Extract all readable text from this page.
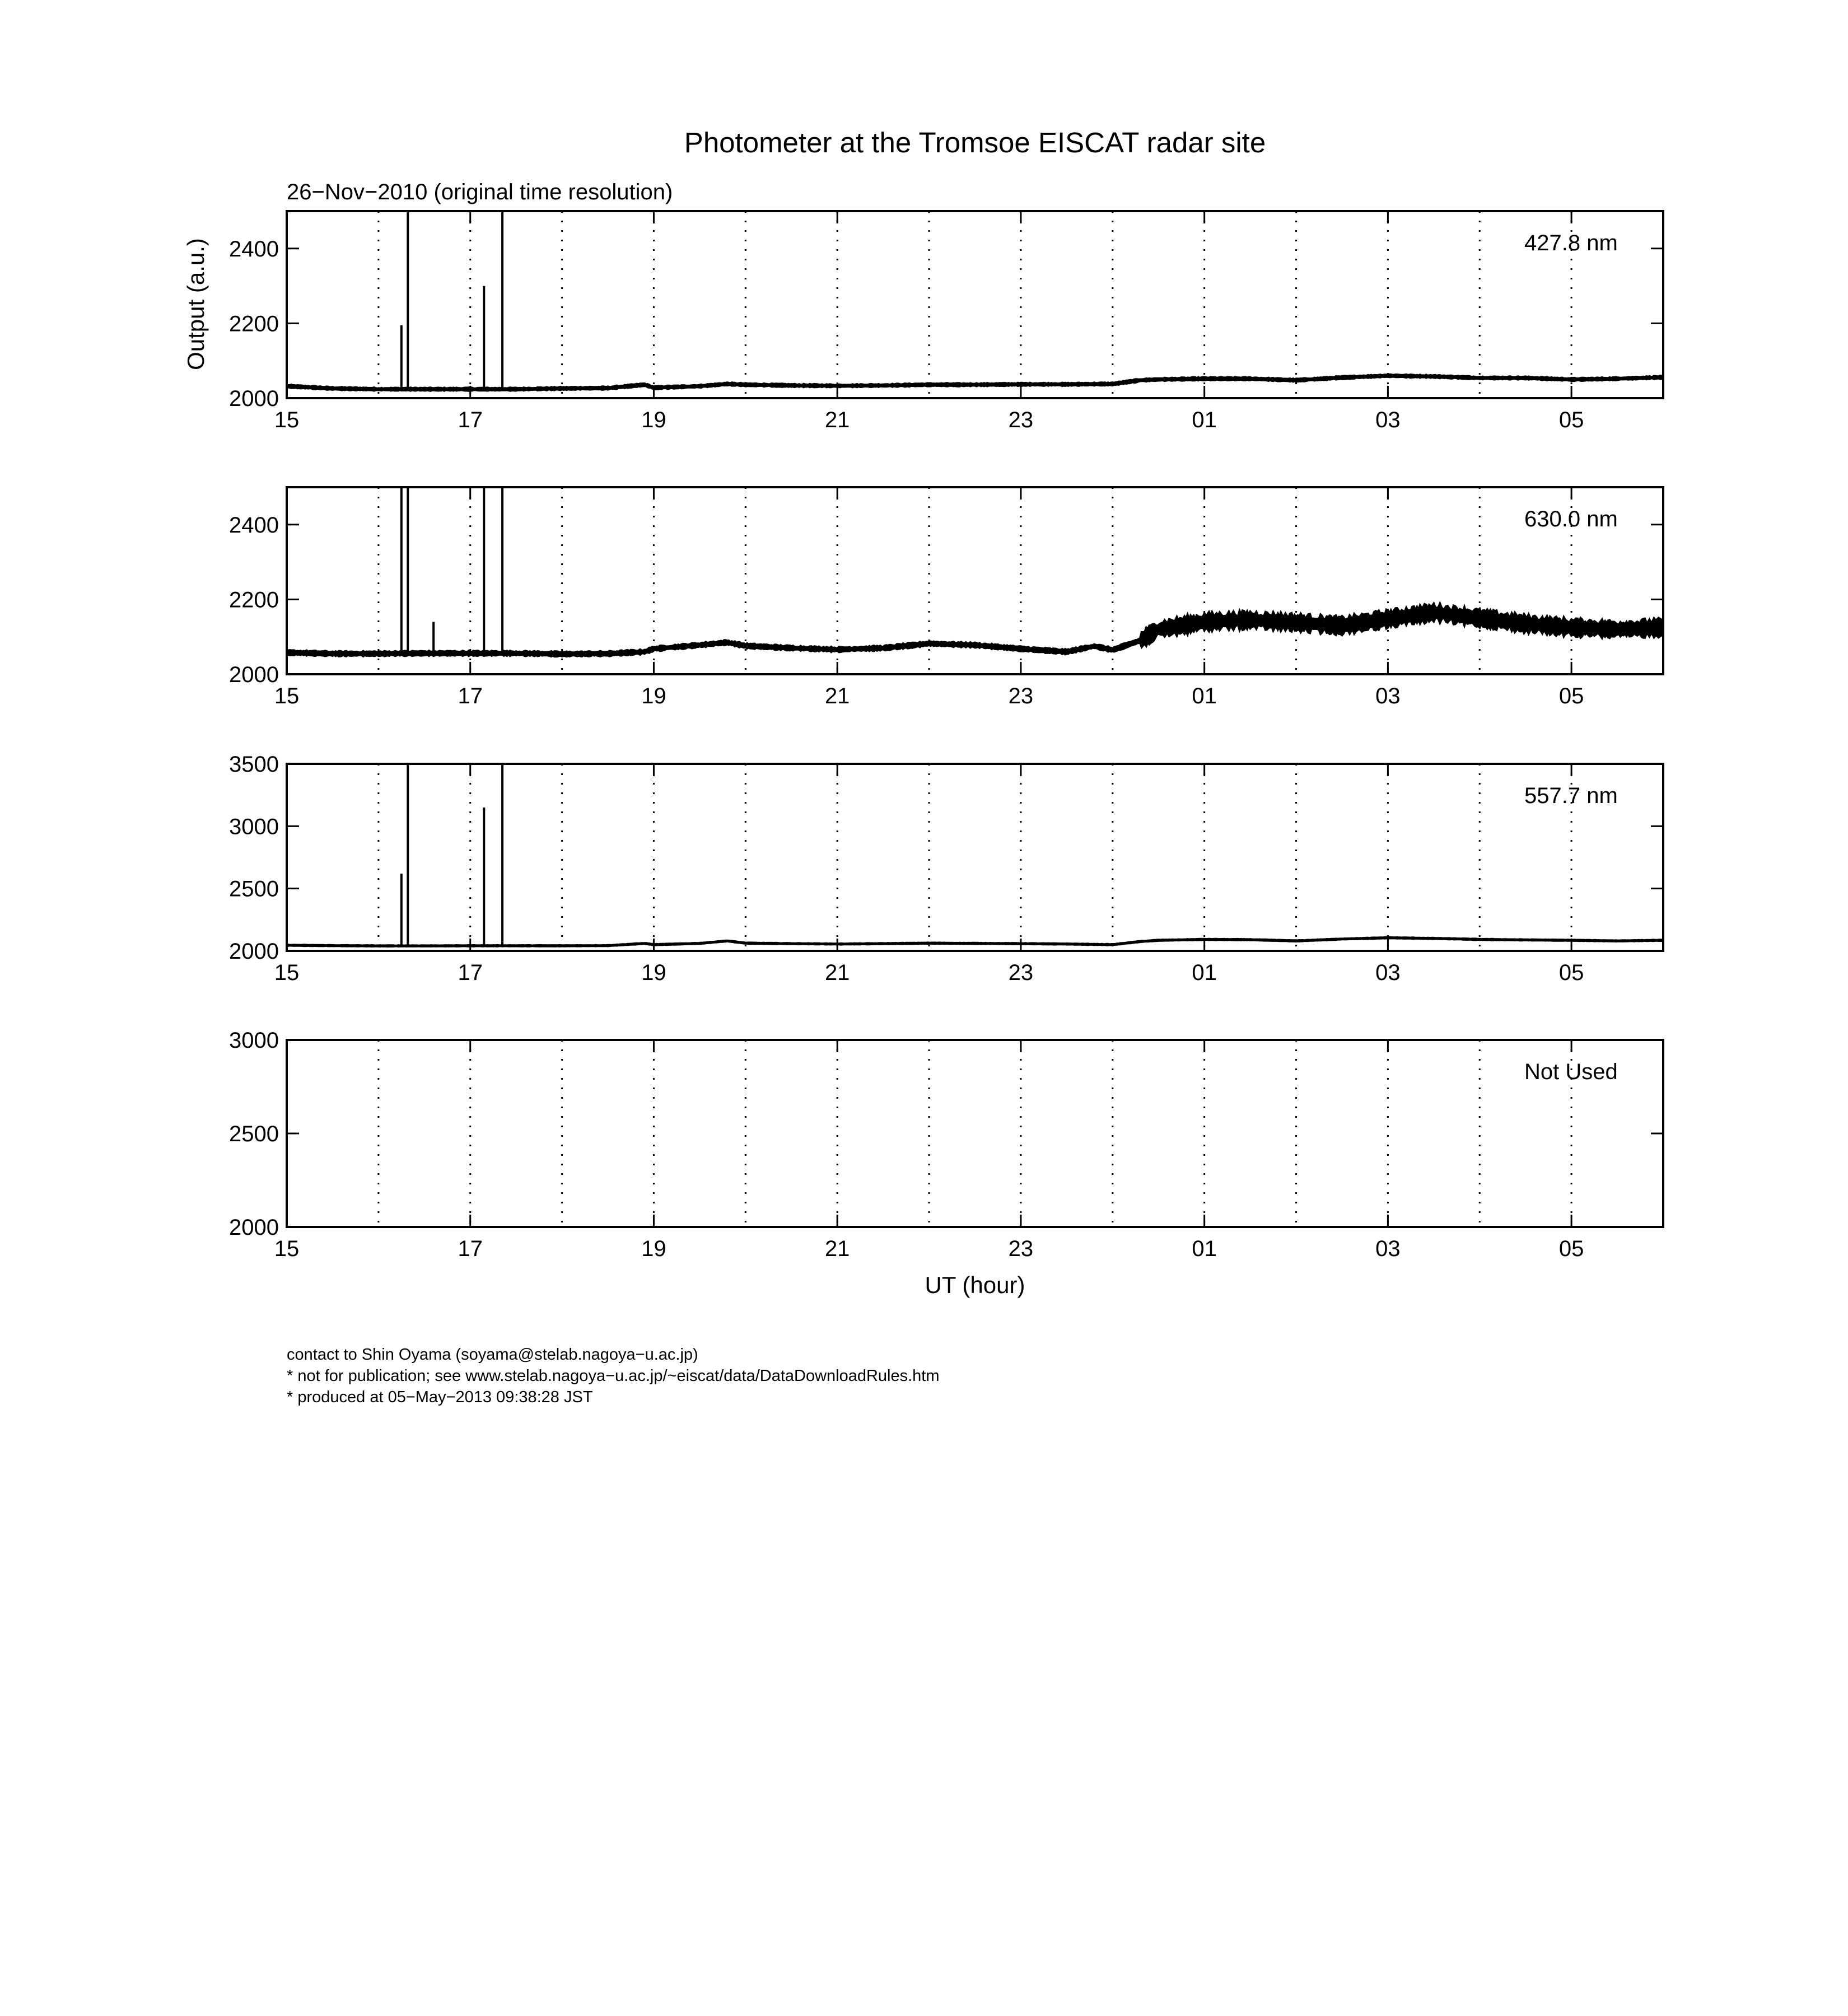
Photometer at the Tromsoe EISCAT radar site
26−Nov−2010 (original time resolution)
Output (a.u.)
UT (hour)
contact to Shin Oyama (soyama@stelab.nagoya−u.ac.jp)
* not for publication; see www.stelab.nagoya−u.ac.jp/~eiscat/data/DataDownloadRules.htm
* produced at 05−May−2013 09:38:28 JST
2000
2200
2400
15	17	19	21	23	01	03	05
427.8 nm
2000
2200
2400
15	17	19	21	23	01	03	05
630.0 nm
2000
2500
3000
3500
15	17	19	21	23	01	03	05
557.7 nm
2000
2500
3000
15	17	19	21	23	01	03	05
Not Used
